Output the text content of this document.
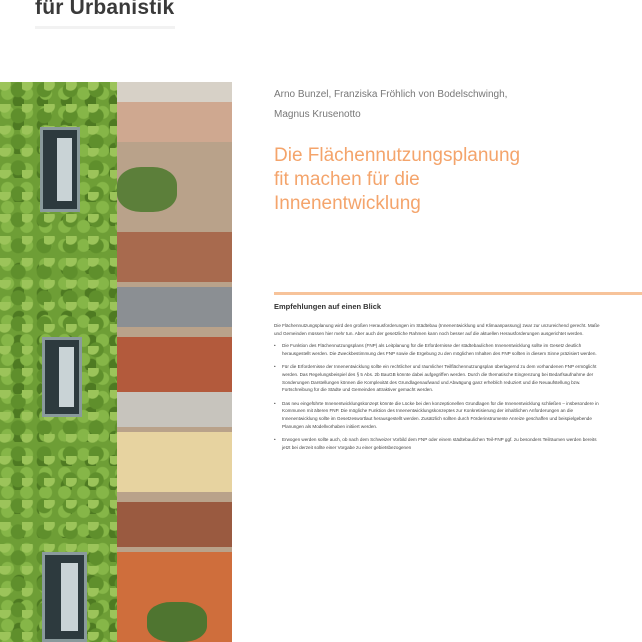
für Urbanistik
Arno Bunzel, Franziska Fröhlich von Bodelschwingh,
Magnus Krusenotto
Die Flächennutzungsplanung
fit machen für die
Innenentwicklung
Empfehlungen auf einen Blick

Die Flächennutzungsplanung wird den großen Herausforderungen im Städtebau (Innenentwicklung und Klimaanpassung) zwar zur unzureichend gerecht. Maße und Gemeinden müssen hier mehr tun. Aber auch der gesetzliche Rahmen kann noch besser auf die aktuellen Herausforderungen ausgerichtet werden.

• Die Funktion des Flächennutzungsplans (FNP) als Leitplanung für die Erfordernisse der städtebaulichen Innenentwicklung sollte im Gesetz deutlich herausgestellt werden. Die Zweckbestimmung des FNP sowie die Ergebung zu den möglichen Inhalten des FNP sollten in diesem Sinne präzisiert werden.
• Für die Erfordernisse der Innenentwicklung sollte ein rechtlicher und räumlicher Teilflächennutzungsplan überlagernd zu dem vorhandenen FNP ermöglicht werden. Das Regelungsbeispiel des § 5 Abs. 2b BauGB könnte dabei aufgegriffen werden. Durch die thematische Eingrenzung bei Bedarfsaufnahme der Sonderungen Darstellungen können die Komplexität des Grundlagenaufwand und Abwägung ganz erheblich reduziert und die Neuaufstellung bzw. Fortschreibung für die Städte und Gemeinden attraktiver gemacht werden.
• Das neu eingeführte Innenentwicklungskonzept könnte die Lücke bei den konzeptionellen Grundlagen für die Innenentwicklung schließen – insbesondere in Kommunen mit älteren FNP. Die mögliche Funktion des Innenentwicklungskonzeptes zur Konkretisierung der inhaltlichen Anforderungen an die Innenentwicklung sollte im Gesetzeswortlaut herausgestellt werden. Zusätzlich sollten durch Förderinstrumente Anreize geschaffen und beispielgebende Planungen als Modellvorhaben initiiert werden.
• Erwogen werden sollte auch, ob nach dem Schweizer Vorbild dem FNP oder einem städtebaulichen Teil-FNP ggf. zu besonders Teilräumen werden bereits jetzt bei derzeit sollte einer Vorgabe zu einer gebietsbezogenen
